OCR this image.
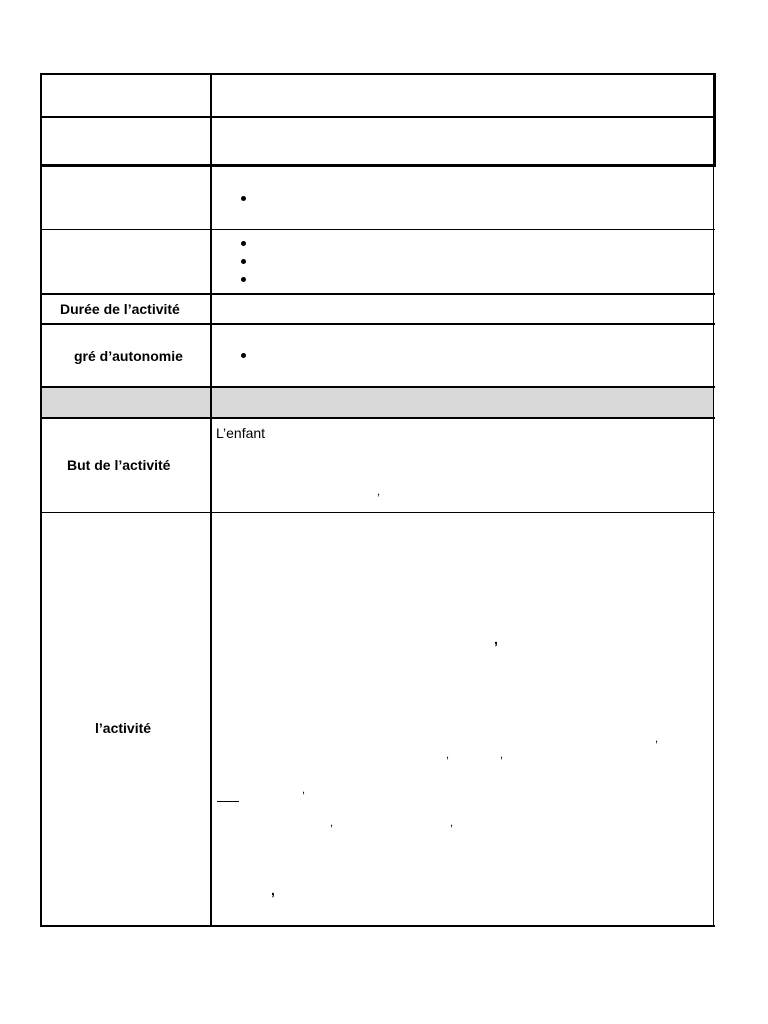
Durée de l’activité
gré d’autonomie
But de l’activité
l’activité
L’enfant
,
,
,
,	,
,
,	,
,
